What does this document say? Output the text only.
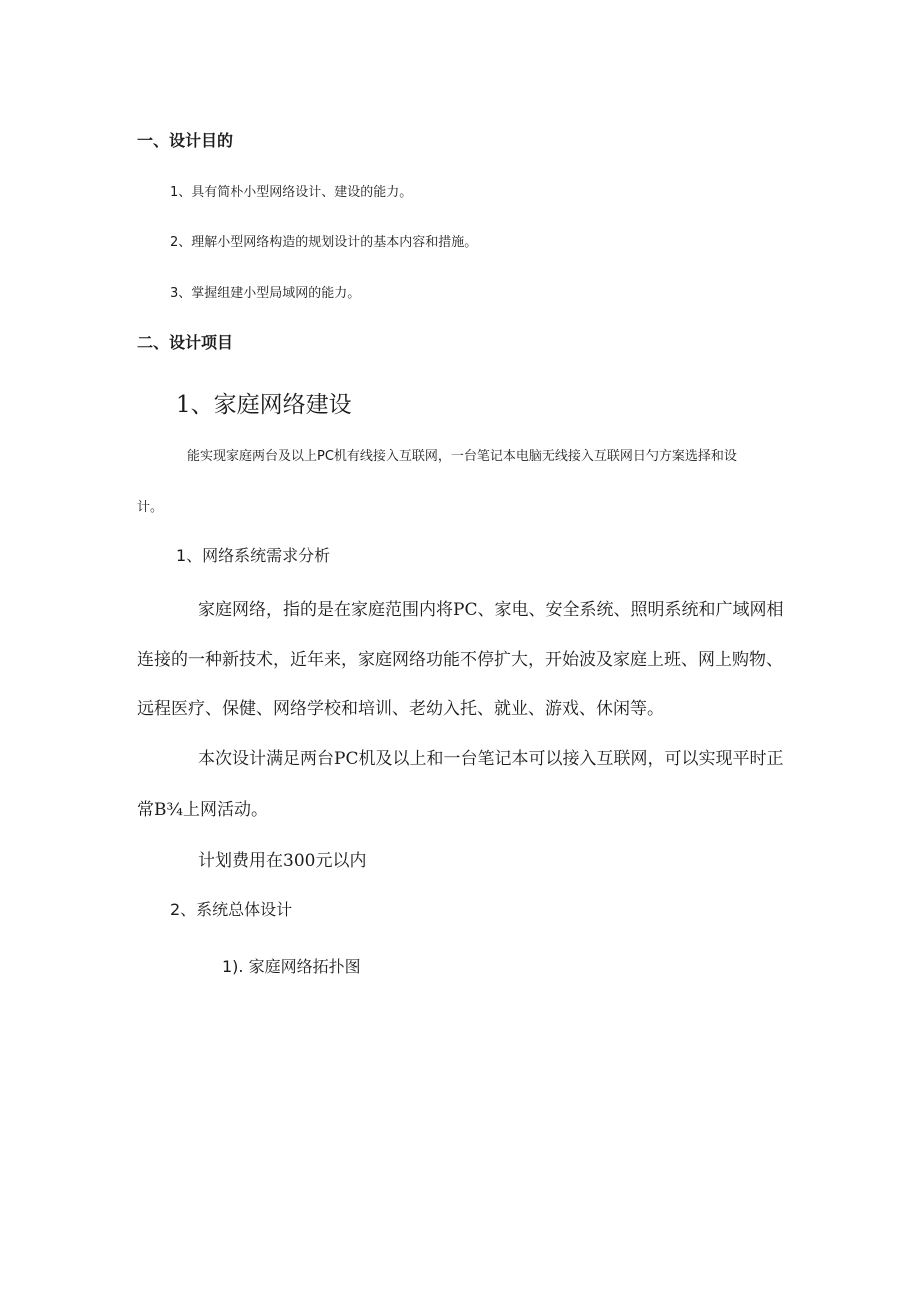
一、设计目的

1、具有简朴小型网络设计、建设的能力。

2、理解小型网络构造的规划设计的基本内容和措施。

3、掌握组建小型局域网的能力。

二、设计项目

1、家庭网络建设

能实现家庭两台及以上PC机有线接入互联网，一台笔记本电脑无线接入互联网日勺方案选择和设

计。

1、网络系统需求分析

家庭网络，指的是在家庭范围内将PC、家电、安全系统、照明系统和广域网相

连接的一种新技术，近年来，家庭网络功能不停扩大，开始波及家庭上班、网上购物、

远程医疗、保健、网络学校和培训、老幼入托、就业、游戏、休闲等。

本次设计满足两台PC机及以上和一台笔记本可以接入互联网，可以实现平时正

常B¾上网活动。

计划费用在300元以内

2、系统总体设计

1). 家庭网络拓扑图
